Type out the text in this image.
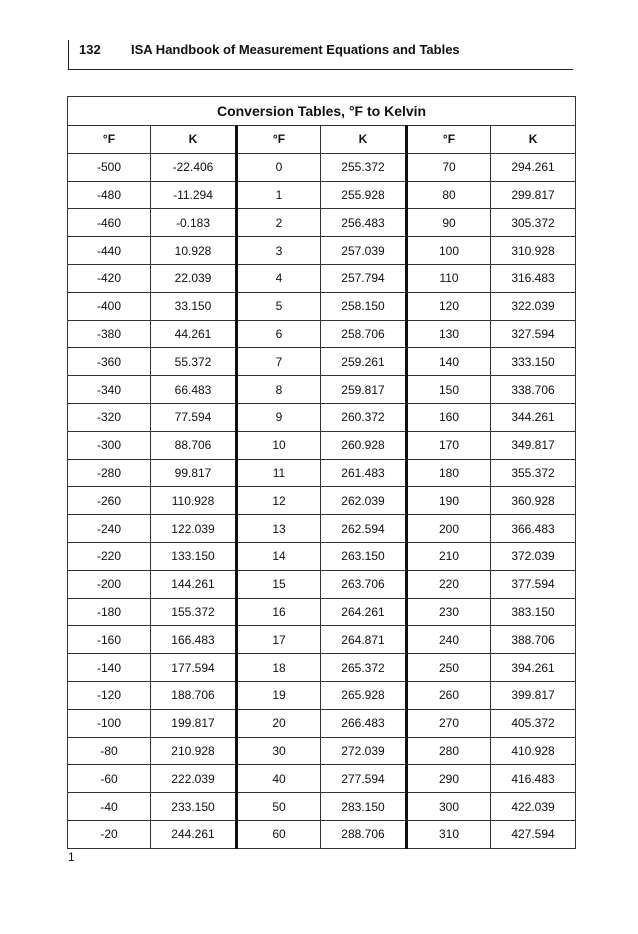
132 ISA Handbook of Measurement Equations and Tables
Conversion Tables, °F to Kelvin					
°F	K	°F	K	°F	K
-500	-22.406	0	255.372	70	294.261
-480	-11.294	1	255.928	80	299.817
-460	-0.183	2	256.483	90	305.372
-440	10.928	3	257.039	100	310.928
-420	22.039	4	257.794	110	316.483
-400	33.150	5	258.150	120	322.039
-380	44.261	6	258.706	130	327.594
-360	55.372	7	259.261	140	333.150
-340	66.483	8	259.817	150	338.706
-320	77.594	9	260.372	160	344.261
-300	88.706	10	260.928	170	349.817
-280	99.817	11	261.483	180	355.372
-260	110.928	12	262.039	190	360.928
-240	122.039	13	262.594	200	366.483
-220	133.150	14	263.150	210	372.039
-200	144.261	15	263.706	220	377.594
-180	155.372	16	264.261	230	383.150
-160	166.483	17	264.871	240	388.706
-140	177.594	18	265.372	250	394.261
-120	188.706	19	265.928	260	399.817
-100	199.817	20	266.483	270	405.372
-80	210.928	30	272.039	280	410.928
-60	222.039	40	277.594	290	416.483
-40	233.150	50	283.150	300	422.039
-20	244.261	60	288.706	310	427.594
1
